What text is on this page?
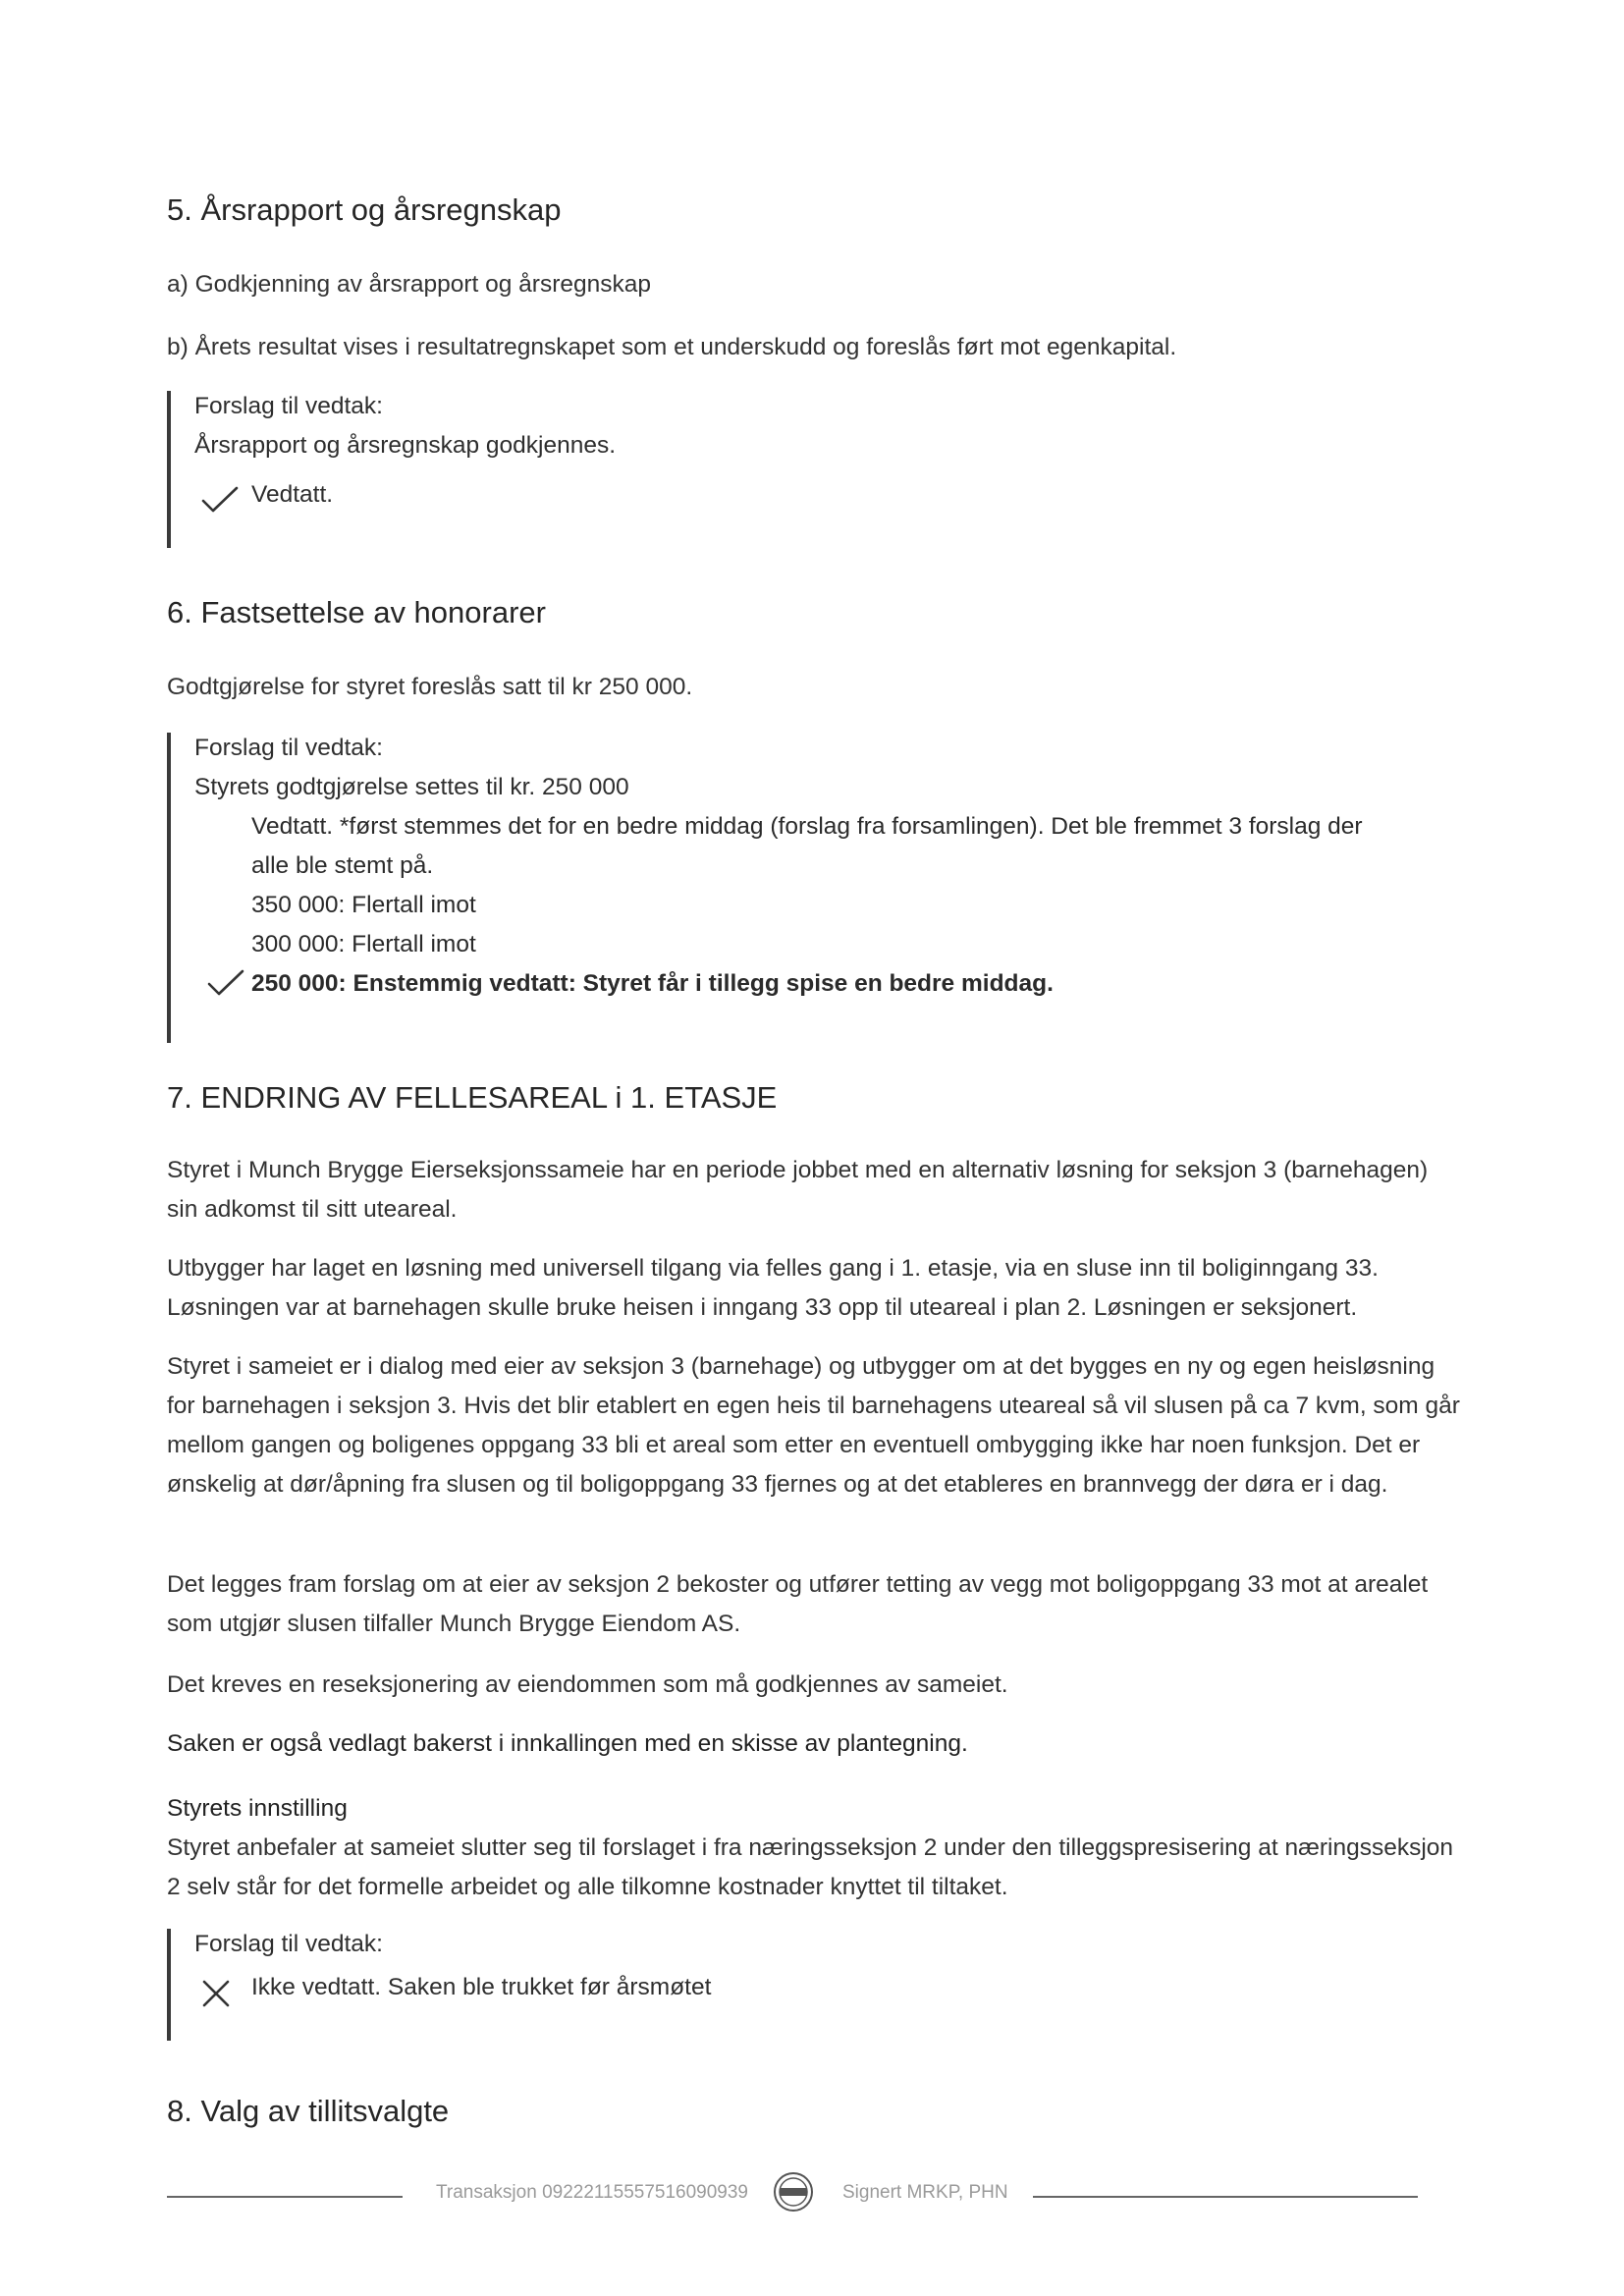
5. Årsrapport og årsregnskap

a) Godkjenning av årsrapport og årsregnskap

b) Årets resultat vises i resultatregnskapet som et underskudd og foreslås ført mot egenkapital.

Forslag til vedtak:
Årsrapport og årsregnskap godkjennes.
Vedtatt.
6. Fastsettelse av honorarer

Godtgjørelse for styret foreslås satt til kr 250 000.

Forslag til vedtak:
Styrets godtgjørelse settes til kr. 250 000
Vedtatt. *først stemmes det for en bedre middag (forslag fra forsamlingen). Det ble fremmet 3 forslag der
alle ble stemt på.
350 000: Flertall imot
300 000: Flertall imot
250 000: Enstemmig vedtatt: Styret får i tillegg spise en bedre middag.
7. ENDRING AV FELLESAREAL i 1. ETASJE

Styret i Munch Brygge Eierseksjonssameie har en periode jobbet med en alternativ løsning for seksjon 3 (barnehagen) sin adkomst til sitt uteareal.

Utbygger har laget en løsning med universell tilgang via felles gang i 1. etasje, via en sluse inn til boliginngang 33. Løsningen var at barnehagen skulle bruke heisen i inngang 33 opp til uteareal i plan 2. Løsningen er seksjonert.

Styret i sameiet er i dialog med eier av seksjon 3 (barnehage) og utbygger om at det bygges en ny og egen heisløsning for barnehagen i seksjon 3. Hvis det blir etablert en egen heis til barnehagens uteareal så vil slusen på ca 7 kvm, som går mellom gangen og boligenes oppgang 33 bli et areal som etter en eventuell ombygging ikke har noen funksjon. Det er ønskelig at dør/åpning fra slusen og til boligoppgang 33 fjernes og at det etableres en brannvegg der døra er i dag.

Det legges fram forslag om at eier av seksjon 2 bekoster og utfører tetting av vegg mot boligoppgang 33 mot at arealet som utgjør slusen tilfaller Munch Brygge Eiendom AS.

Det kreves en reseksjonering av eiendommen som må godkjennes av sameiet.

Saken er også vedlagt bakerst i innkallingen med en skisse av plantegning.

Styrets innstilling

Styret anbefaler at sameiet slutter seg til forslaget i fra næringsseksjon 2 under den tilleggspresisering at næringsseksjon 2 selv står for det formelle arbeidet og alle tilkomne kostnader knyttet til tiltaket.

Forslag til vedtak:
Ikke vedtatt. Saken ble trukket før årsmøtet
8. Valg av tillitsvalgte
Transaksjon 09222115557516090939	Signert MRKP, PHN
